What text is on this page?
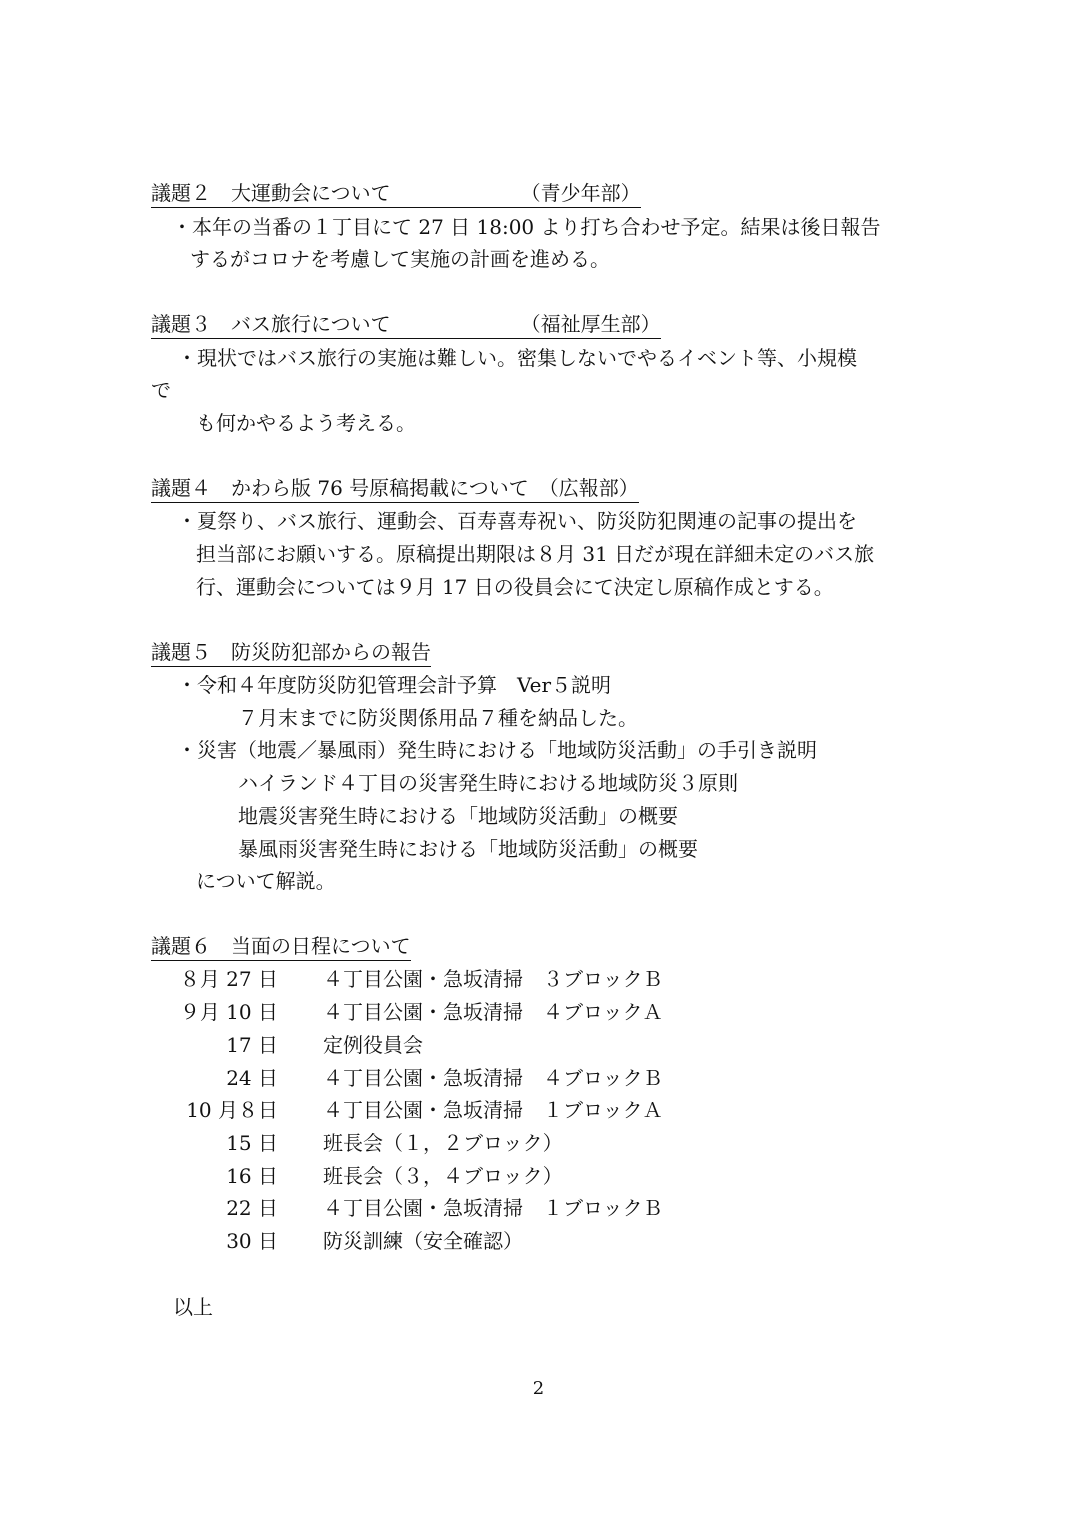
議題２　大運動会について　　　　　　　（青少年部）
・本年の当番の１丁目にて 27 日 18:00 より打ち合わせ予定。結果は後日報告
するがコロナを考慮して実施の計画を進める。
議題３　バス旅行について　　　　　　　（福祉厚生部）
・現状ではバス旅行の実施は難しい。密集しないでやるイベント等、小規模
で
も何かやるよう考える。
議題４　かわら版 76 号原稿掲載について　（広報部）
・夏祭り、バス旅行、運動会、百寿喜寿祝い、防災防犯関連の記事の提出を
担当部にお願いする。原稿提出期限は８月 31 日だが現在詳細未定のバス旅
行、運動会については９月 17 日の役員会にて決定し原稿作成とする。
議題５　防災防犯部からの報告
・令和４年度防災防犯管理会計予算　Ver５説明
７月末までに防災関係用品７種を納品した。
・災害（地震／暴風雨）発生時における「地域防災活動」の手引き説明
ハイランド４丁目の災害発生時における地域防災３原則
地震災害発生時における「地域防災活動」の概要
暴風雨災害発生時における「地域防災活動」の概要
について解説。
議題６　当面の日程について
８月 27 日 ４丁目公園・急坂清掃　３ブロックＢ
９月 10 日 ４丁目公園・急坂清掃　４ブロックＡ
17 日 定例役員会
24 日 ４丁目公園・急坂清掃　４ブロックＢ
10 月８日 ４丁目公園・急坂清掃　１ブロックＡ
15 日 班長会（１，２ブロック）
16 日 班長会（３，４ブロック）
22 日 ４丁目公園・急坂清掃　１ブロックＢ
30 日 防災訓練（安全確認）
以上
2
